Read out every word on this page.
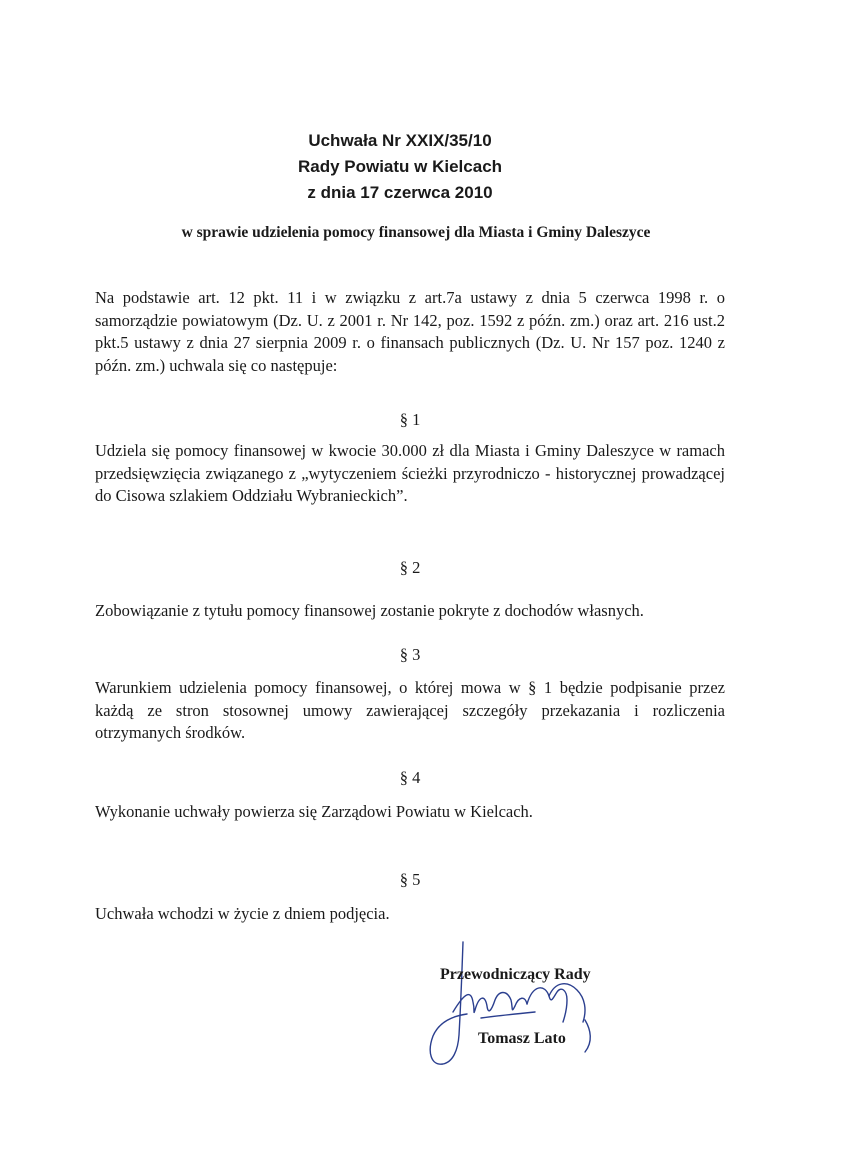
Uchwała Nr XXIX/35/10
Rady Powiatu w Kielcach
z dnia 17 czerwca 2010
w sprawie udzielenia pomocy finansowej dla Miasta i Gminy Daleszyce
Na podstawie art. 12 pkt. 11 i w związku z art.7a ustawy z dnia 5 czerwca 1998 r. o samorządzie powiatowym (Dz. U. z 2001 r. Nr 142, poz. 1592 z późn. zm.) oraz art. 216 ust.2 pkt.5 ustawy z dnia 27 sierpnia 2009 r. o finansach publicznych (Dz. U. Nr 157 poz. 1240 z późn. zm.) uchwala się co następuje:
§ 1
Udziela się pomocy finansowej w kwocie 30.000 zł dla Miasta i Gminy Daleszyce w ramach przedsięwzięcia związanego z „wytyczeniem ścieżki przyrodniczo - historycznej prowadzącej do Cisowa szlakiem Oddziału Wybranieckich”.
§ 2
Zobowiązanie z tytułu pomocy finansowej zostanie pokryte z dochodów własnych.
§ 3
Warunkiem udzielenia pomocy finansowej, o której mowa w § 1 będzie podpisanie przez każdą ze stron stosownej umowy zawierającej szczegóły przekazania i rozliczenia otrzymanych środków.
§ 4
Wykonanie uchwały powierza się Zarządowi Powiatu w Kielcach.
§ 5
Uchwała wchodzi w życie z dniem podjęcia.
Przewodniczący Rady
Tomasz Lato
